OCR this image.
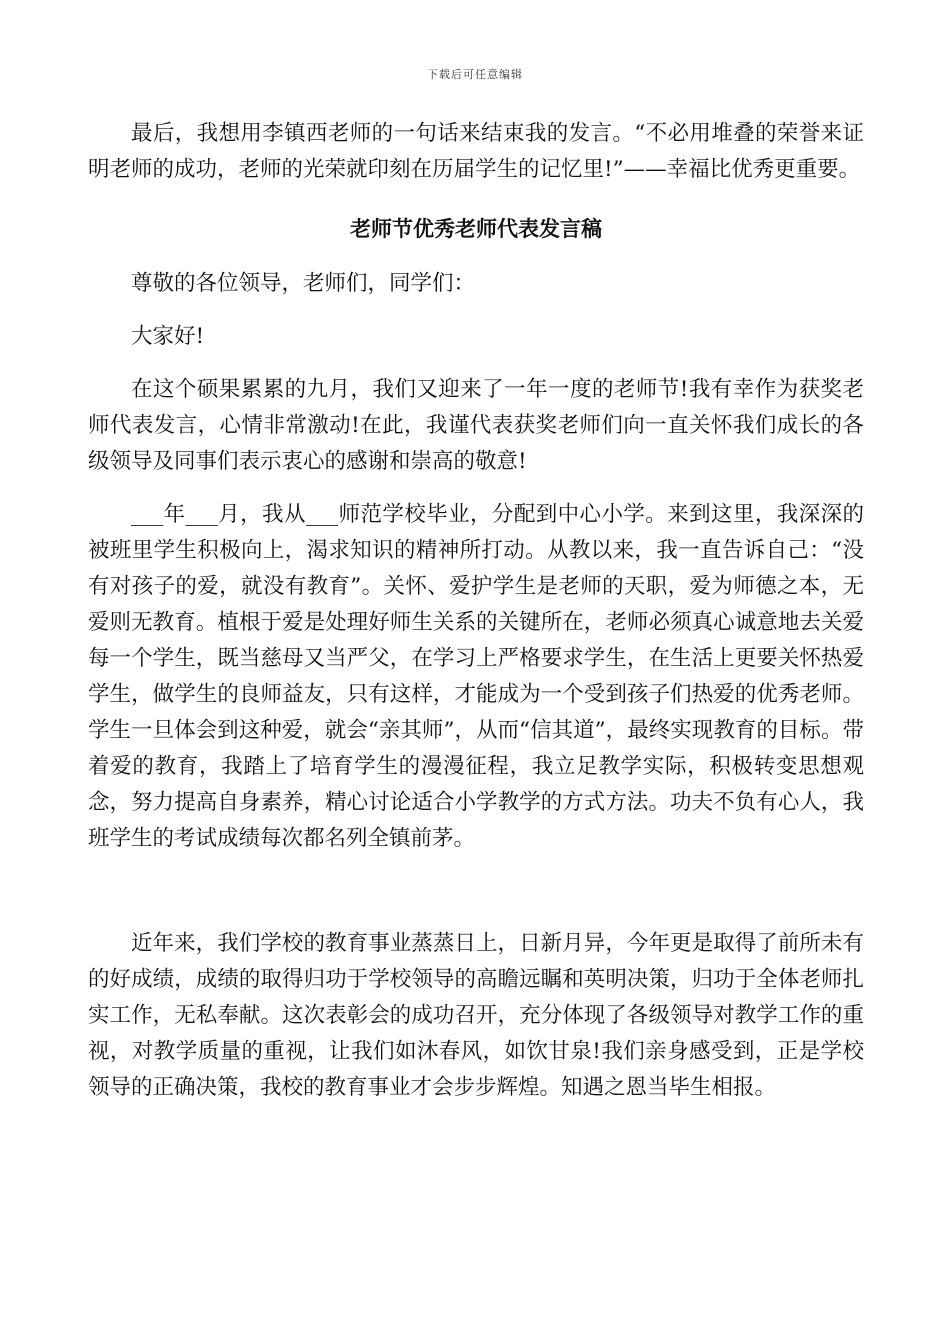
下载后可任意编辑

最后，我想用李镇西老师的一句话来结束我的发言。“不必用堆叠的荣誉来证明老师的成功，老师的光荣就印刻在历届学生的记忆里!”——幸福比优秀更重要。

老师节优秀老师代表发言稿

尊敬的各位领导，老师们，同学们：

大家好!

在这个硕果累累的九月，我们又迎来了一年一度的老师节!我有幸作为获奖老师代表发言，心情非常激动!在此，我谨代表获奖老师们向一直关怀我们成长的各级领导及同事们表示衷心的感谢和崇高的敬意!

___年___月，我从___师范学校毕业，分配到中心小学。来到这里，我深深的被班里学生积极向上，渴求知识的精神所打动。从教以来，我一直告诉自己：“没有对孩子的爱，就没有教育”。关怀、爱护学生是老师的天职，爱为师德之本，无爱则无教育。植根于爱是处理好师生关系的关键所在，老师必须真心诚意地去关爱每一个学生，既当慈母又当严父，在学习上严格要求学生，在生活上更要关怀热爱学生，做学生的良师益友，只有这样，才能成为一个受到孩子们热爱的优秀老师。学生一旦体会到这种爱，就会“亲其师”，从而“信其道”，最终实现教育的目标。带着爱的教育，我踏上了培育学生的漫漫征程，我立足教学实际，积极转变思想观念，努力提高自身素养，精心讨论适合小学教学的方式方法。功夫不负有心人，我班学生的考试成绩每次都名列全镇前茅。

近年来，我们学校的教育事业蒸蒸日上，日新月异，今年更是取得了前所未有的好成绩，成绩的取得归功于学校领导的高瞻远瞩和英明决策，归功于全体老师扎实工作，无私奉献。这次表彰会的成功召开，充分体现了各级领导对教学工作的重视，对教学质量的重视，让我们如沐春风，如饮甘泉!我们亲身感受到，正是学校领导的正确决策，我校的教育事业才会步步辉煌。知遇之恩当毕生相报。
